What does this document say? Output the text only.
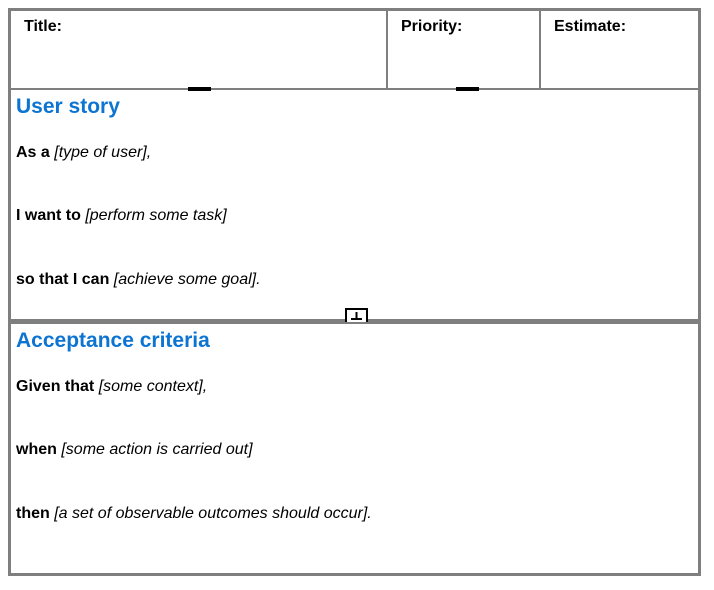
Title:	Priority:	Estimate:
User story

As a [type of user],

I want to [perform some task]

so that I can [achieve some goal].

Acceptance criteria

Given that [some context],

when [some action is carried out]

then [a set of observable outcomes should occur].
